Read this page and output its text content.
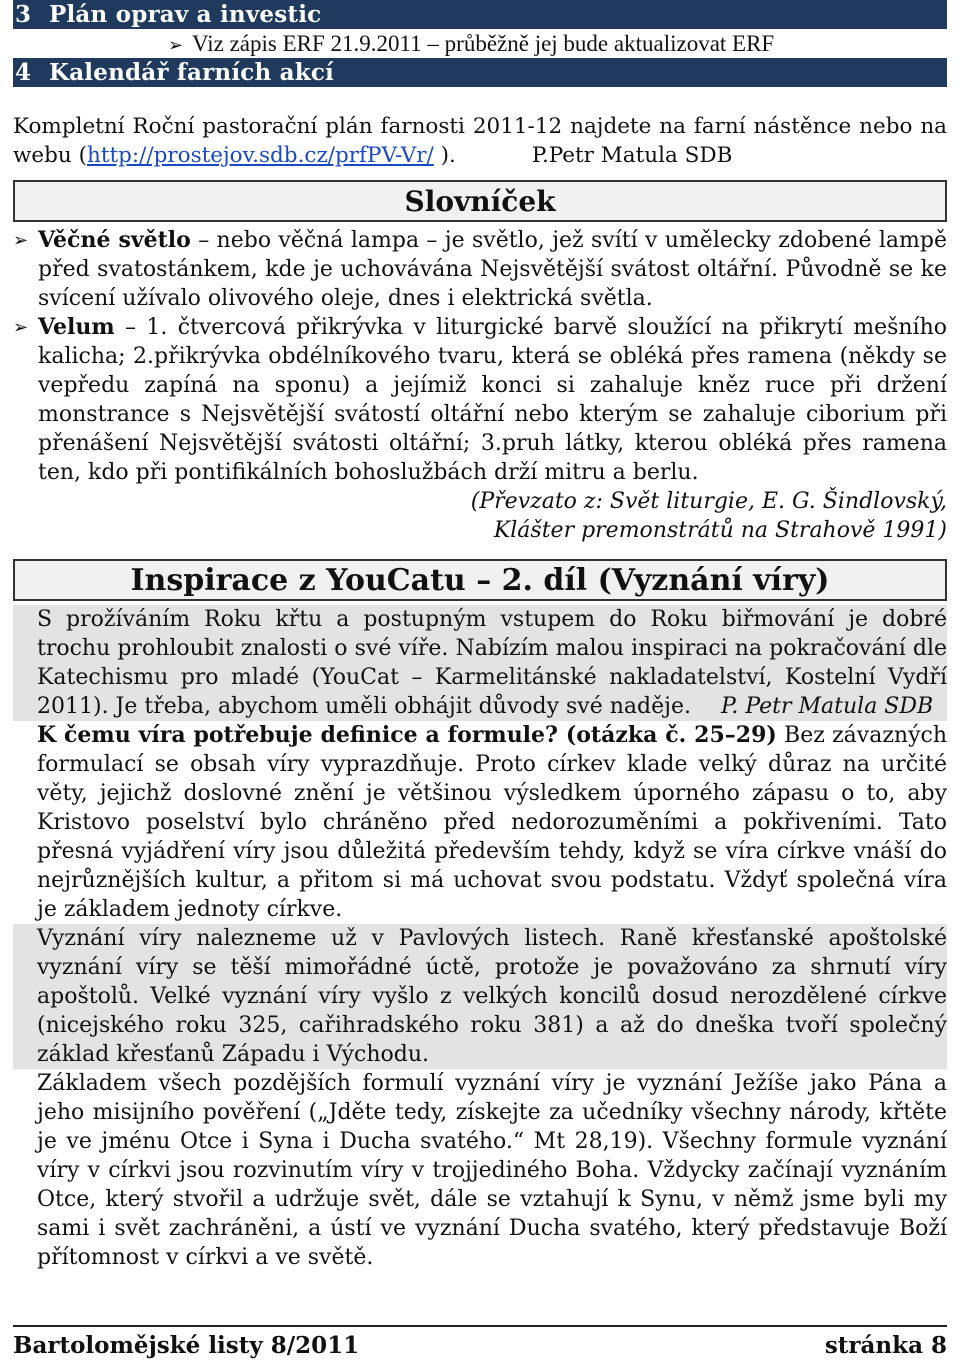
3 Plán oprav a investic
➢ Viz zápis ERF 21.9.2011 – průběžně jej bude aktualizovat ERF
4 Kalendář farních akcí

Kompletní Roční pastorační plán farnosti 2011-12 najdete na farní nástěnce nebo na webu (http://prostejov.sdb.cz/prfPV-Vr/ ).	P.Petr Matula SDB

Slovníček
➢ Věčné světlo – nebo věčná lampa – je světlo, jež svítí v umělecky zdobené lampě před svatostánkem, kde je uchovávána Nejsvětější svátost oltářní. Původně se ke svícení užívalo olivového oleje, dnes i elektrická světla.
➢ Velum – 1. čtvercová přikrývka v liturgické barvě sloužící na přikrytí mešního kalicha; 2.přikrývka obdélníkového tvaru, která se obléká přes ramena (někdy se vepředu zapíná na sponu) a jejímiž konci si zahaluje kněz ruce při držení monstrance s Nejsvětější svátostí oltářní nebo kterým se zahaluje ciborium při přenášení Nejsvětější svátosti oltářní; 3.pruh látky, kterou obléká přes ramena ten, kdo při pontifikálních bohoslužbách drží mitru a berlu.
(Převzato z: Svět liturgie, E. G. Šindlovský,
Klášter premonstrátů na Strahově 1991)
Inspirace z YouCatu – 2. díl (Vyznání víry)

S prožíváním Roku křtu a postupným vstupem do Roku biřmování je dobré trochu prohloubit znalosti o své víře. Nabízím malou inspiraci na pokračování dle Katechismu pro mladé (YouCat – Karmelitánské nakladatelství, Kostelní Vydří 2011). Je třeba, abychom uměli obhájit důvody své naděje. P. Petr Matula SDB

K čemu víra potřebuje definice a formule? (otázka č. 25–29) Bez závazných formulací se obsah víry vyprazdňuje. Proto církev klade velký důraz na určité věty, jejichž doslovné znění je většinou výsledkem úporného zápasu o to, aby Kristovo poselství bylo chráněno před nedorozuměními a pokřiveními. Tato přesná vyjádření víry jsou důležitá především tehdy, když se víra církve vnáší do nejrůznějších kultur, a přitom si má uchovat svou podstatu. Vždyť společná víra je základem jednoty církve.

Vyznání víry nalezneme už v Pavlových listech. Raně křesťanské apoštolské vyznání víry se těší mimořádné úctě, protože je považováno za shrnutí víry apoštolů. Velké vyznání víry vyšlo z velkých koncilů dosud nerozdělené církve (nicejského roku 325, cařihradského roku 381) a až do dneška tvoří společný základ křesťanů Západu i Východu.

Základem všech pozdějších formulí vyznání víry je vyznání Ježíše jako Pána a jeho misijního pověření („Jděte tedy, získejte za učedníky všechny národy, křtěte je ve jménu Otce i Syna i Ducha svatého.“ Mt 28,19). Všechny formule vyznání víry v církvi jsou rozvinutím víry v trojjediného Boha. Vždycky začínají vyznáním Otce, který stvořil a udržuje svět, dále se vztahují k Synu, v němž jsme byli my sami i svět zachráněni, a ústí ve vyznání Ducha svatého, který představuje Boží přítomnost v církvi a ve světě.

Bartolomějské listy 8/2011	stránka 8
